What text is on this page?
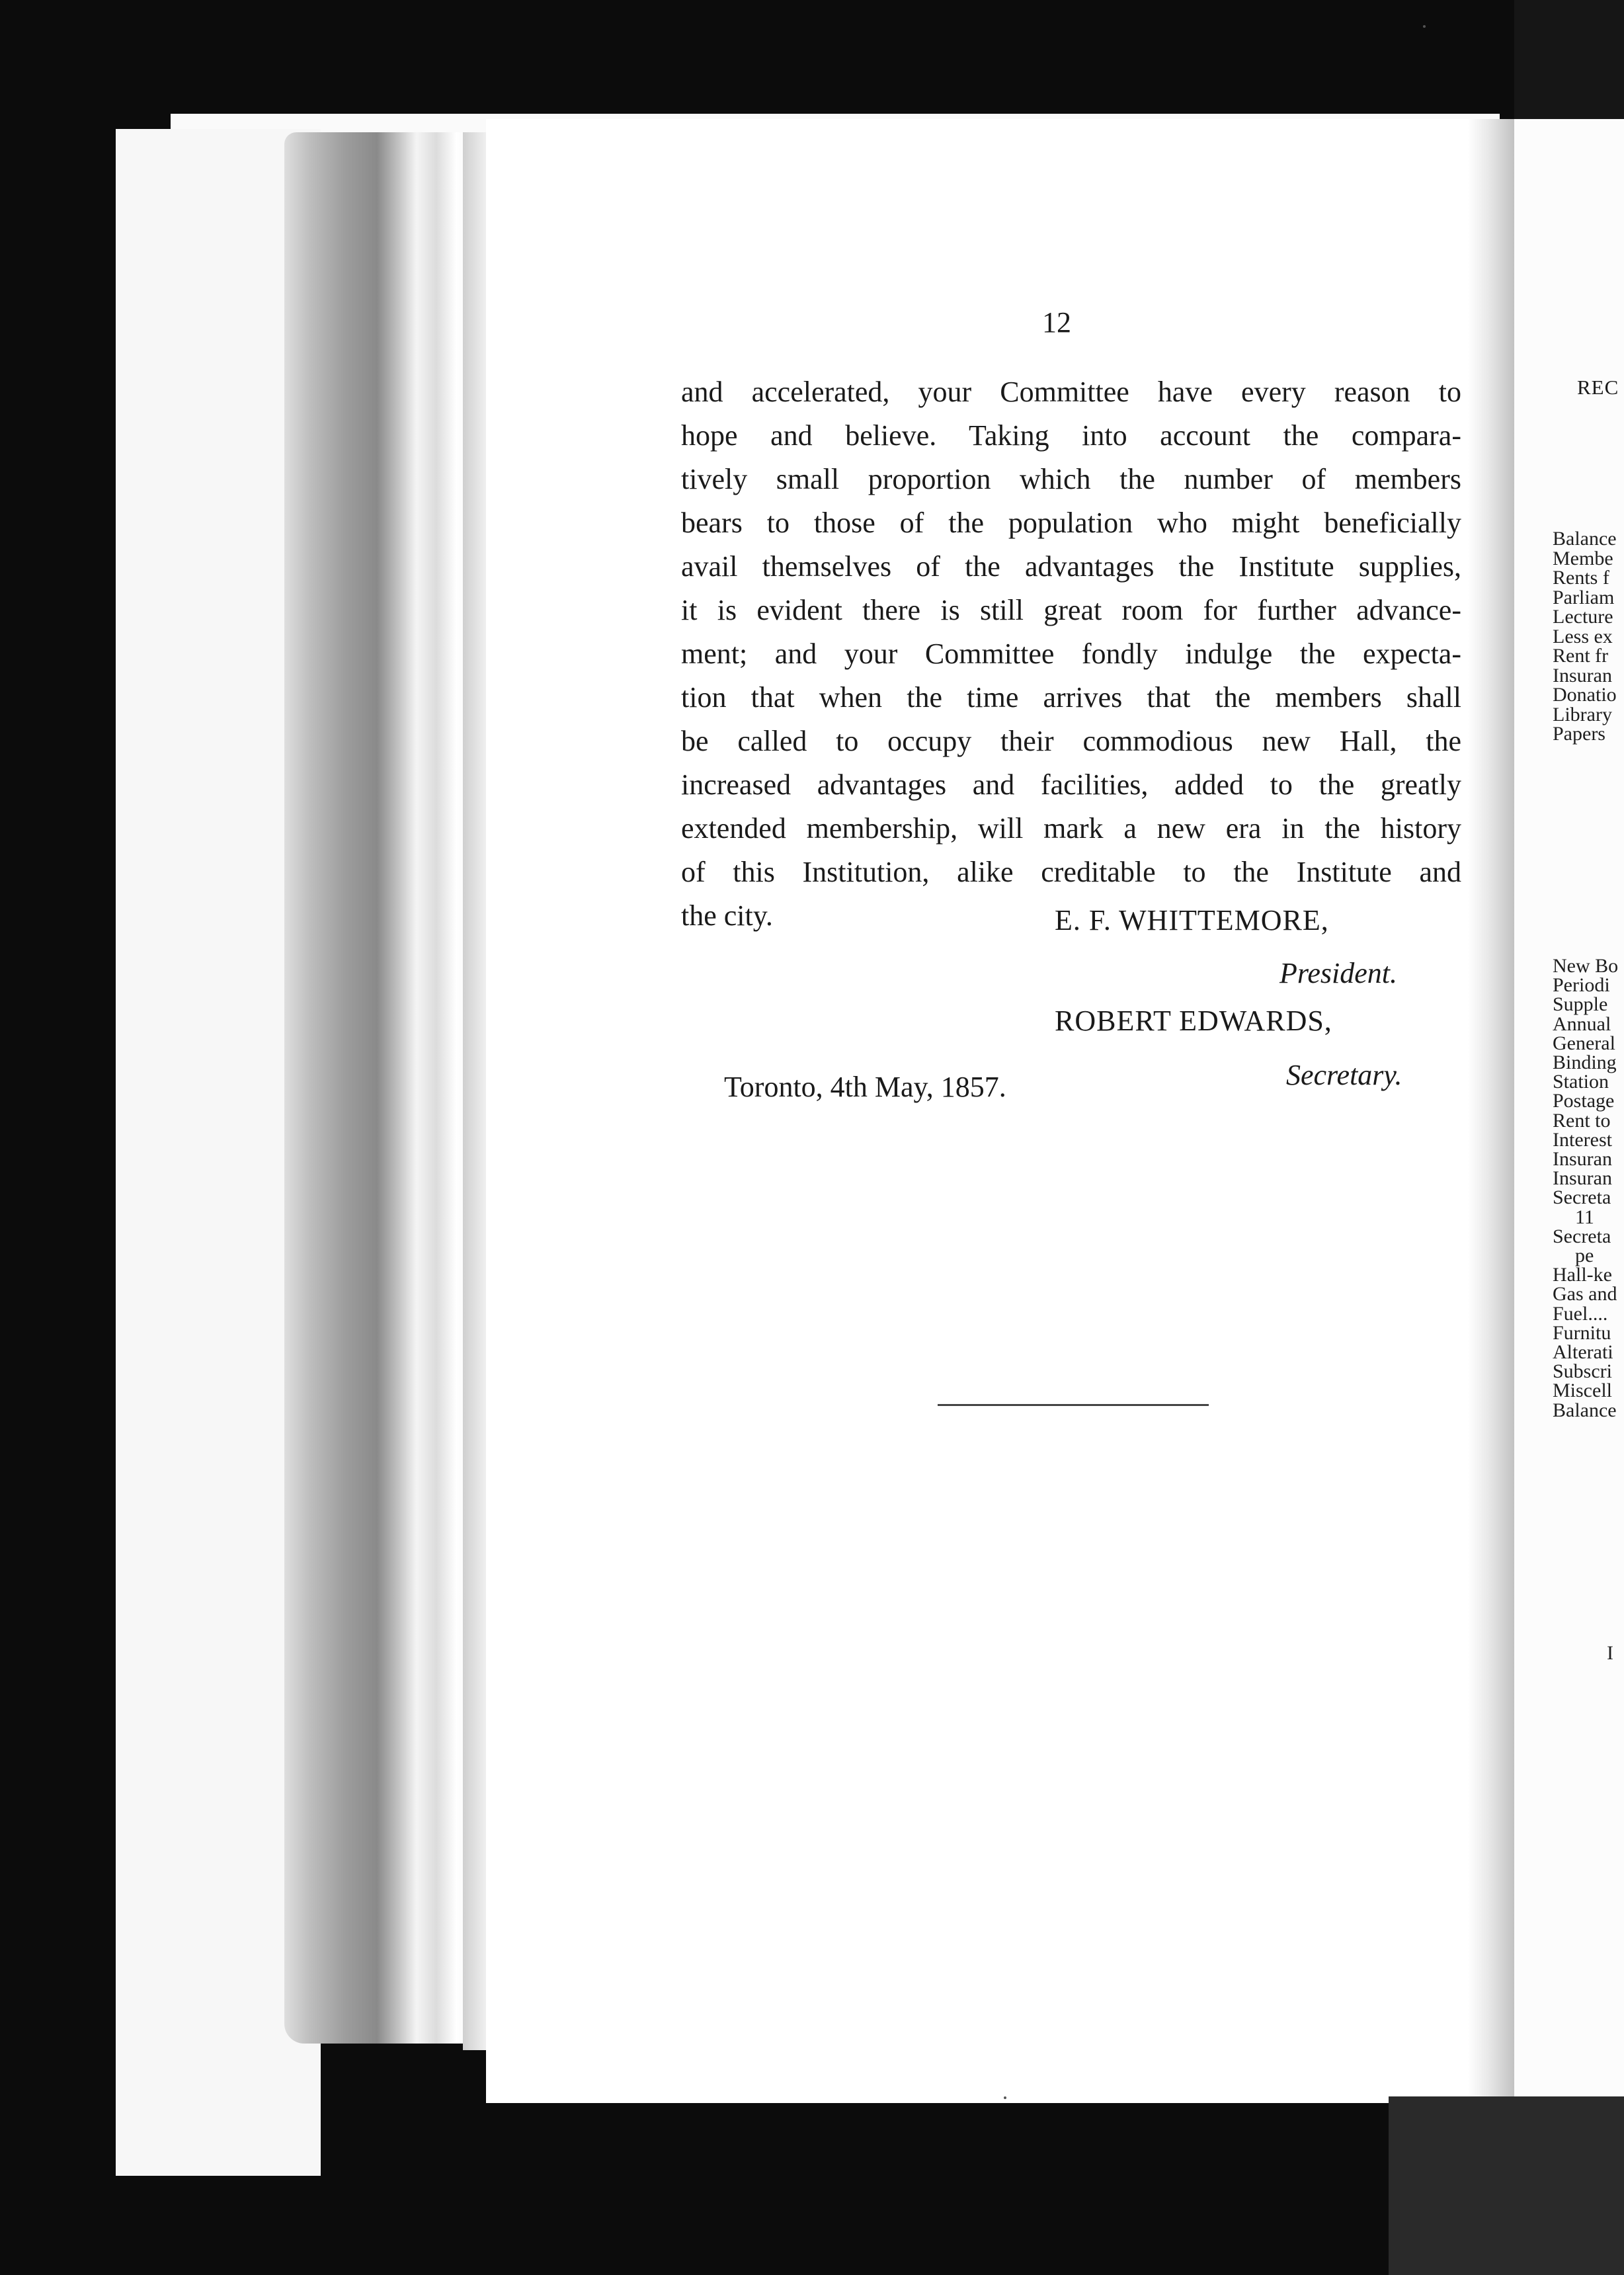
REC
Balance
Membe
Rents f
Parliam
Lecture
Less ex
Rent fr
Insuran
Donatio
Library
Papers
New Bo
Periodi
Supple
Annual
General
Binding
Station
Postage
Rent to
Interest
Insuran
Insuran
Secreta
11
Secreta
pe
Hall-ke
Gas and
Fuel....
Furnitu
Alterati
Subscri
Miscell
Balance
I
12
and accelerated, your Committee have every reason to
hope and believe. Taking into account the compara-
tively small proportion which the number of members
bears to those of the population who might beneficially
avail themselves of the advantages the Institute supplies,
it is evident there is still great room for further advance-
ment; and your Committee fondly indulge the expecta-
tion that when the time arrives that the members shall
be called to occupy their commodious new Hall, the
increased advantages and facilities, added to the greatly
extended membership, will mark a new era in the history
of this Institution, alike creditable to the Institute and
the city.	E. F. WHITTEMORE,
President.
ROBERT EDWARDS,
Secretary.
Toronto, 4th May, 1857.
